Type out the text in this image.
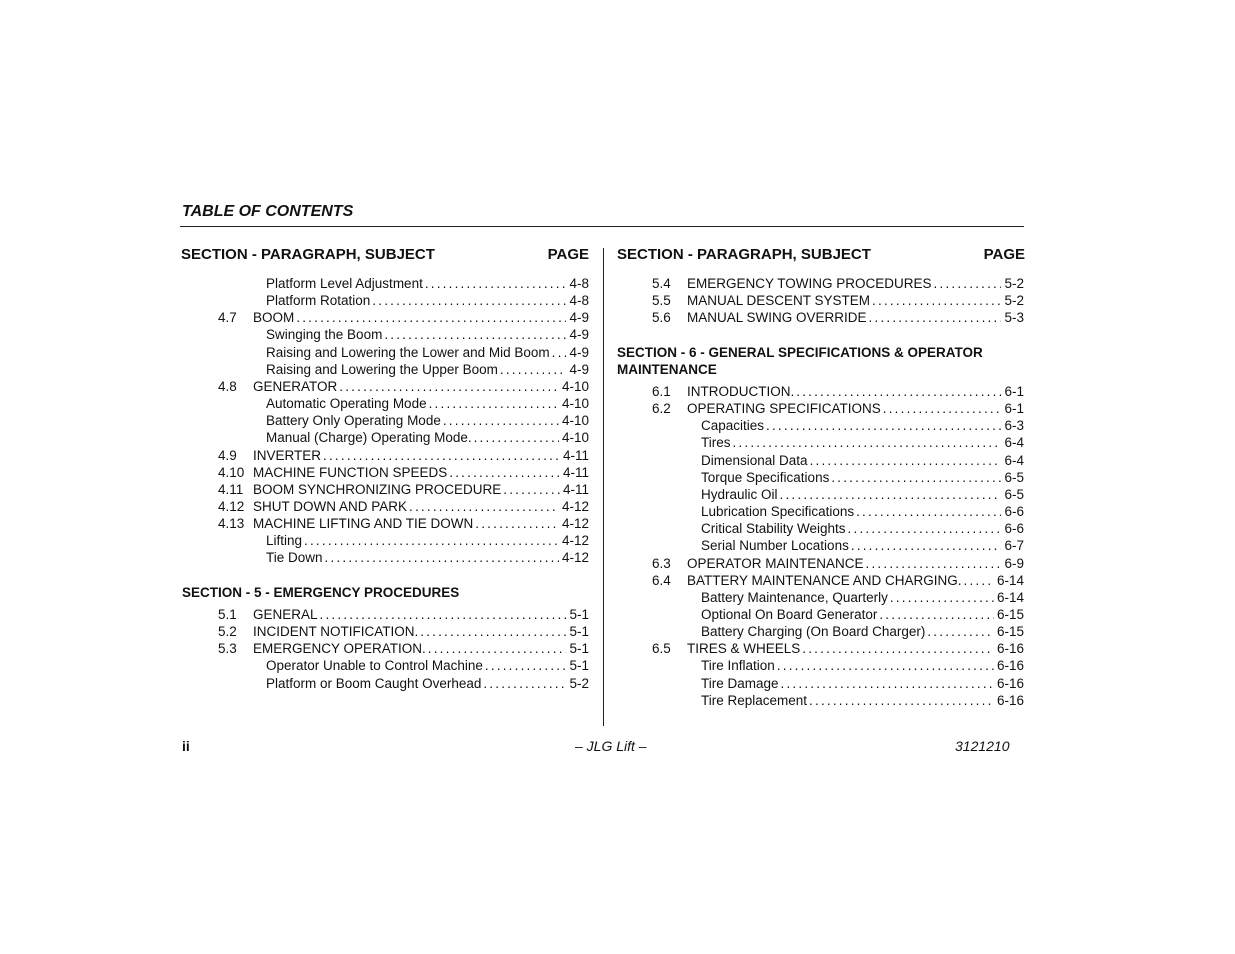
TABLE OF CONTENTS
SECTION - PARAGRAPH, SUBJECT	PAGE SECTION - PARAGRAPH, SUBJECT	PAGE
Platform Level Adjustment .....	4-8
Platform Rotation .....	4-8
4.7	BOOM .....	4-9
Swinging the Boom .....	4-9
Raising and Lowering the Lower and Mid Boom ..... 4-9
Raising and Lowering the Upper Boom .....	4-9
4.8	GENERATOR .....	4-10
Automatic Operating Mode .....	4-10
Battery Only Operating Mode .....	4-10
Manual (Charge) Operating Mode. .....	4-10
4.9	INVERTER .....	4-11
4.10 MACHINE FUNCTION SPEEDS .....	4-11
4.11 BOOM SYNCHRONIZING PROCEDURE .....	4-11
4.12 SHUT DOWN AND PARK .....	4-12
4.13 MACHINE LIFTING AND TIE DOWN .....	4-12
Lifting .....	4-12
Tie Down .....	4-12
SECTION - 5 - EMERGENCY PROCEDURES
5.1	GENERAL .....	5-1
5.2	INCIDENT NOTIFICATION. .....	5-1
5.3	EMERGENCY OPERATION. .....	5-1
Operator Unable to Control Machine .....	5-1
Platform or Boom Caught Overhead .....	5-2
5.4	EMERGENCY TOWING PROCEDURES .....	5-2
5.5	MANUAL DESCENT SYSTEM .....	5-2
5.6	MANUAL SWING OVERRIDE .....	5-3
SECTION - 6 - GENERAL SPECIFICATIONS & OPERATOR
MAINTENANCE
6.1	INTRODUCTION. .....	6-1
6.2	OPERATING SPECIFICATIONS .....	6-1
Capacities .....	6-3
Tires .....	6-4
Dimensional Data .....	6-4
Torque Specifications .....	6-5
Hydraulic Oil .....	6-5
Lubrication Specifications .....	6-6
Critical Stability Weights .....	6-6
Serial Number Locations .....	6-7
6.3	OPERATOR MAINTENANCE .....	6-9
6.4	BATTERY MAINTENANCE AND CHARGING. .....	6-14
Battery Maintenance, Quarterly .....	6-14
Optional On Board Generator .....	6-15
Battery Charging (On Board Charger) .....	6-15
6.5	TIRES & WHEELS .....	6-16
Tire Inflation .....	6-16
Tire Damage .....	6-16
Tire Replacement .....	6-16
ii	– JLG Lift –	3121210
